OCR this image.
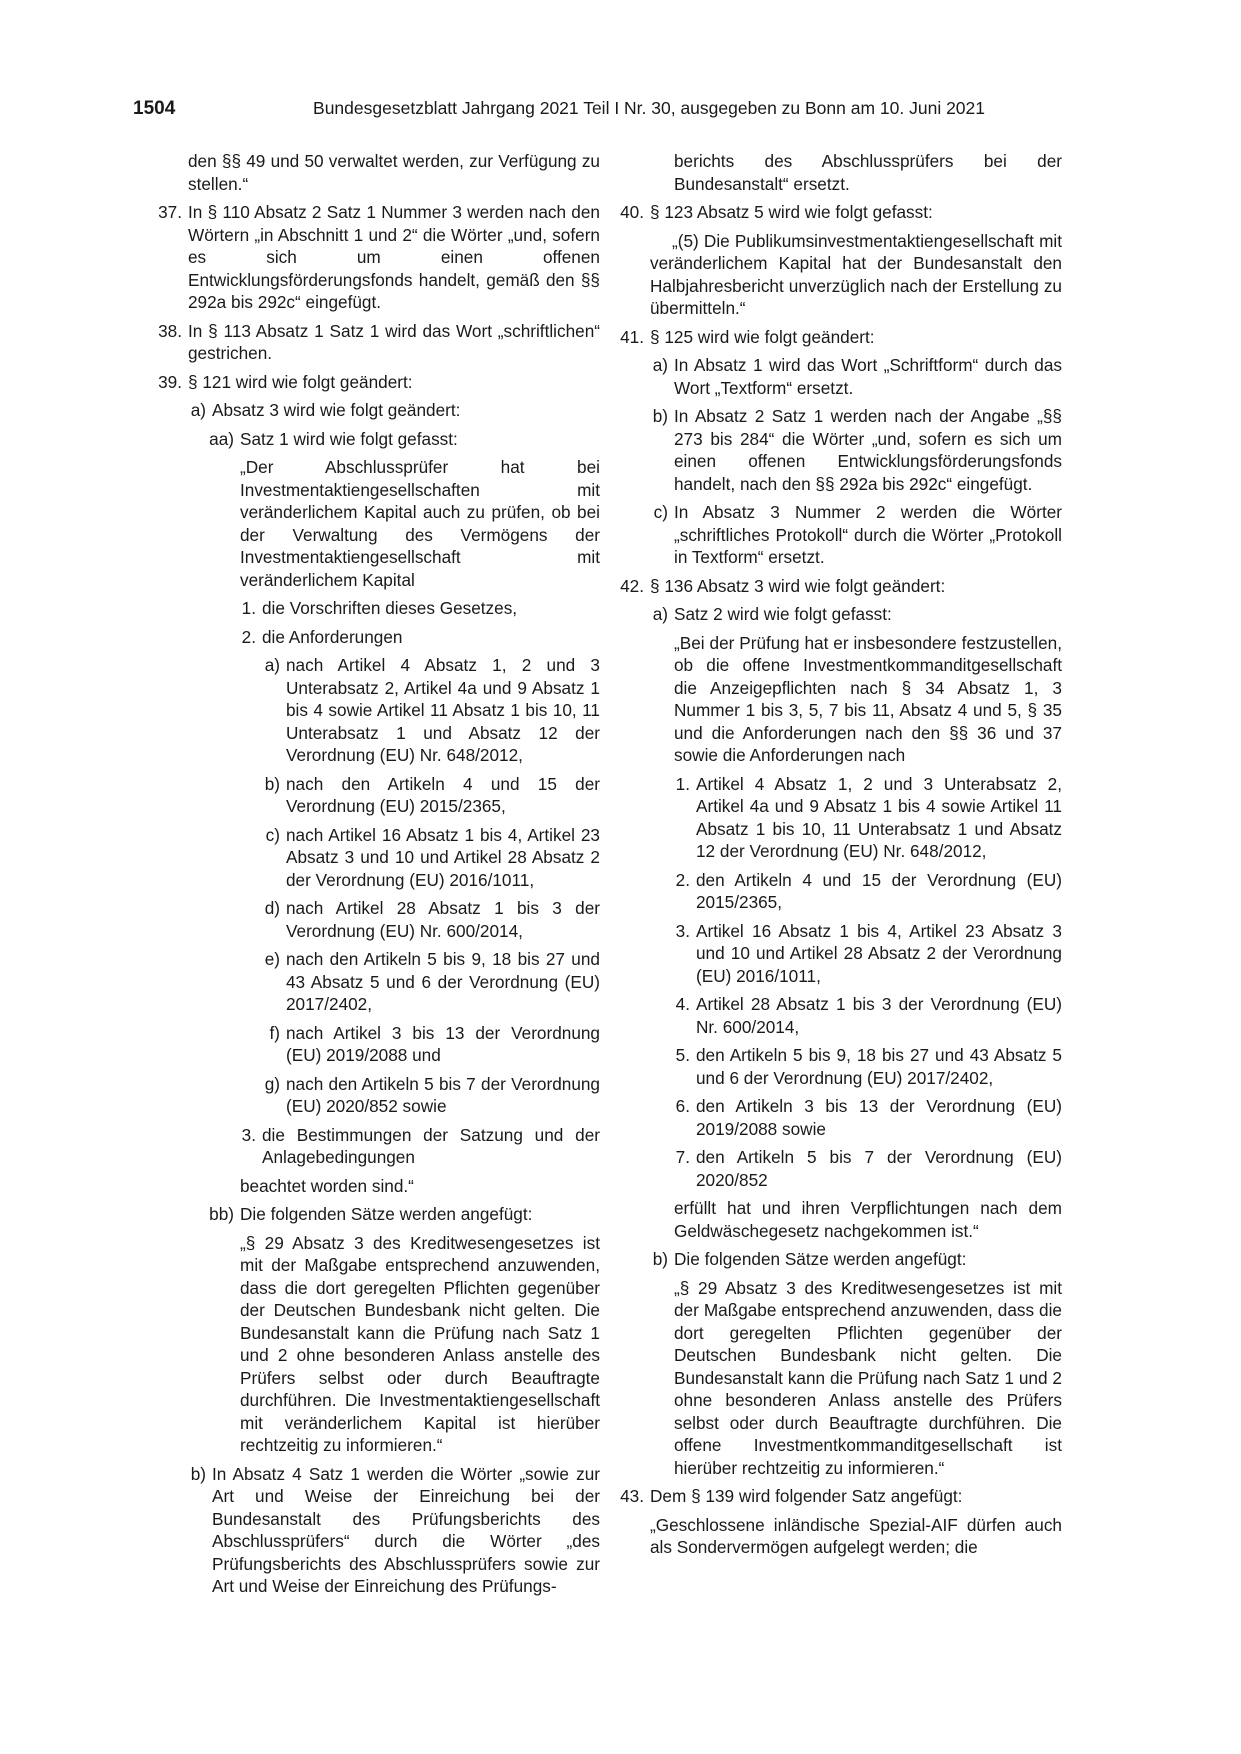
1504	Bundesgesetzblatt Jahrgang 2021 Teil I Nr. 30, ausgegeben zu Bonn am 10. Juni 2021
den §§ 49 und 50 verwaltet werden, zur Verfügung zu stellen.“
37. In § 110 Absatz 2 Satz 1 Nummer 3 werden nach den Wörtern „in Abschnitt 1 und 2“ die Wörter „und, sofern es sich um einen offenen Entwicklungsförderungsfonds handelt, gemäß den §§ 292a bis 292c“ eingefügt.
38. In § 113 Absatz 1 Satz 1 wird das Wort „schriftlichen“ gestrichen.
39. § 121 wird wie folgt geändert:
a) Absatz 3 wird wie folgt geändert:
aa) Satz 1 wird wie folgt gefasst:
„Der Abschlussprüfer hat bei Investmentaktiengesellschaften mit veränderlichem Kapital auch zu prüfen, ob bei der Verwaltung des Vermögens der Investmentaktiengesellschaft mit veränderlichem Kapital
1. die Vorschriften dieses Gesetzes,
2. die Anforderungen
a) nach Artikel 4 Absatz 1, 2 und 3 Unterabsatz 2, Artikel 4a und 9 Absatz 1 bis 4 sowie Artikel 11 Absatz 1 bis 10, 11 Unterabsatz 1 und Absatz 12 der Verordnung (EU) Nr. 648/2012,
b) nach den Artikeln 4 und 15 der Verordnung (EU) 2015/2365,
c) nach Artikel 16 Absatz 1 bis 4, Artikel 23 Absatz 3 und 10 und Artikel 28 Absatz 2 der Verordnung (EU) 2016/1011,
d) nach Artikel 28 Absatz 1 bis 3 der Verordnung (EU) Nr. 600/2014,
e) nach den Artikeln 5 bis 9, 18 bis 27 und 43 Absatz 5 und 6 der Verordnung (EU) 2017/2402,
f) nach Artikel 3 bis 13 der Verordnung (EU) 2019/2088 und
g) nach den Artikeln 5 bis 7 der Verordnung (EU) 2020/852 sowie
3. die Bestimmungen der Satzung und der Anlagebedingungen
beachtet worden sind.“
bb) Die folgenden Sätze werden angefügt:
„§ 29 Absatz 3 des Kreditwesengesetzes ist mit der Maßgabe entsprechend anzuwenden, dass die dort geregelten Pflichten gegenüber der Deutschen Bundesbank nicht gelten. Die Bundesanstalt kann die Prüfung nach Satz 1 und 2 ohne besonderen Anlass anstelle des Prüfers selbst oder durch Beauftragte durchführen. Die Investmentaktiengesellschaft mit veränderlichem Kapital ist hierüber rechtzeitig zu informieren.“
b) In Absatz 4 Satz 1 werden die Wörter „sowie zur Art und Weise der Einreichung bei der Bundesanstalt des Prüfungsberichts des Abschlussprüfers“ durch die Wörter „des Prüfungsberichts des Abschlussprüfers sowie zur Art und Weise der Einreichung des Prüfungs-
berichts des Abschlussprüfers bei der Bundesanstalt“ ersetzt.
40. § 123 Absatz 5 wird wie folgt gefasst:
„(5) Die Publikumsinvestmentaktiengesellschaft mit veränderlichem Kapital hat der Bundesanstalt den Halbjahresbericht unverzüglich nach der Erstellung zu übermitteln.“
41. § 125 wird wie folgt geändert:
a) In Absatz 1 wird das Wort „Schriftform“ durch das Wort „Textform“ ersetzt.
b) In Absatz 2 Satz 1 werden nach der Angabe „§§ 273 bis 284“ die Wörter „und, sofern es sich um einen offenen Entwicklungsförderungsfonds handelt, nach den §§ 292a bis 292c“ eingefügt.
c) In Absatz 3 Nummer 2 werden die Wörter „schriftliches Protokoll“ durch die Wörter „Protokoll in Textform“ ersetzt.
42. § 136 Absatz 3 wird wie folgt geändert:
a) Satz 2 wird wie folgt gefasst:
„Bei der Prüfung hat er insbesondere festzustellen, ob die offene Investmentkommanditgesellschaft die Anzeigepflichten nach § 34 Absatz 1, 3 Nummer 1 bis 3, 5, 7 bis 11, Absatz 4 und 5, § 35 und die Anforderungen nach den §§ 36 und 37 sowie die Anforderungen nach
1. Artikel 4 Absatz 1, 2 und 3 Unterabsatz 2, Artikel 4a und 9 Absatz 1 bis 4 sowie Artikel 11 Absatz 1 bis 10, 11 Unterabsatz 1 und Absatz 12 der Verordnung (EU) Nr. 648/2012,
2. den Artikeln 4 und 15 der Verordnung (EU) 2015/2365,
3. Artikel 16 Absatz 1 bis 4, Artikel 23 Absatz 3 und 10 und Artikel 28 Absatz 2 der Verordnung (EU) 2016/1011,
4. Artikel 28 Absatz 1 bis 3 der Verordnung (EU) Nr. 600/2014,
5. den Artikeln 5 bis 9, 18 bis 27 und 43 Absatz 5 und 6 der Verordnung (EU) 2017/2402,
6. den Artikeln 3 bis 13 der Verordnung (EU) 2019/2088 sowie
7. den Artikeln 5 bis 7 der Verordnung (EU) 2020/852
erfüllt hat und ihren Verpflichtungen nach dem Geldwäschegesetz nachgekommen ist.“
b) Die folgenden Sätze werden angefügt:
„§ 29 Absatz 3 des Kreditwesengesetzes ist mit der Maßgabe entsprechend anzuwenden, dass die dort geregelten Pflichten gegenüber der Deutschen Bundesbank nicht gelten. Die Bundesanstalt kann die Prüfung nach Satz 1 und 2 ohne besonderen Anlass anstelle des Prüfers selbst oder durch Beauftragte durchführen. Die offene Investmentkommanditgesellschaft ist hierüber rechtzeitig zu informieren.“
43. Dem § 139 wird folgender Satz angefügt:
„Geschlossene inländische Spezial-AIF dürfen auch als Sondervermögen aufgelegt werden; die
